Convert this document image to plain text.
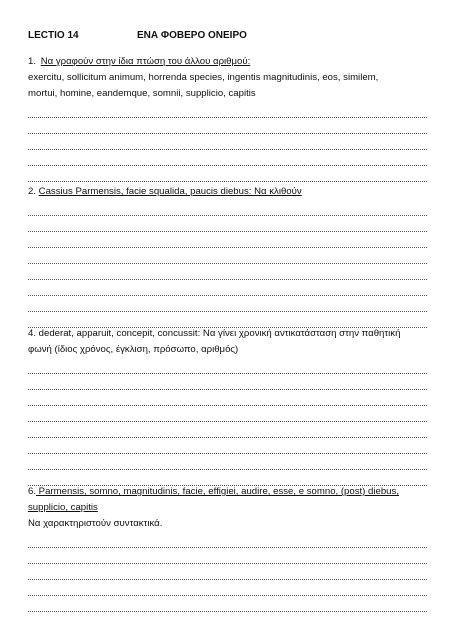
LECTIO 14	ΕΝΑ ΦΟΒΕΡΟ ΟΝΕΙΡΟ
1. Να γραφούν στην ίδια πτώση του άλλου αριθμού:
exercitu, sollicitum animum, horrenda species, ingentis magnitudinis, eos, similem,
mortui, homine, eandemque, somnii, supplicio, capitis
2. Cassius Parmensis, facie squalida, paucis diebus: Να κλιθούν
4. dederat, apparuit, concepit, concussit: Να γίνει χρονική αντικατάσταση στην παθητική
φωνή (ίδιος χρόνος, έγκλιση, πρόσωπο, αριθμός)
6. Parmensis, somno, magnitudinis, facie, effigiei, audire, esse, e somno, (post) diebus,
supplicio, capitis
Να χαρακτηριστούν συντακτικά.
